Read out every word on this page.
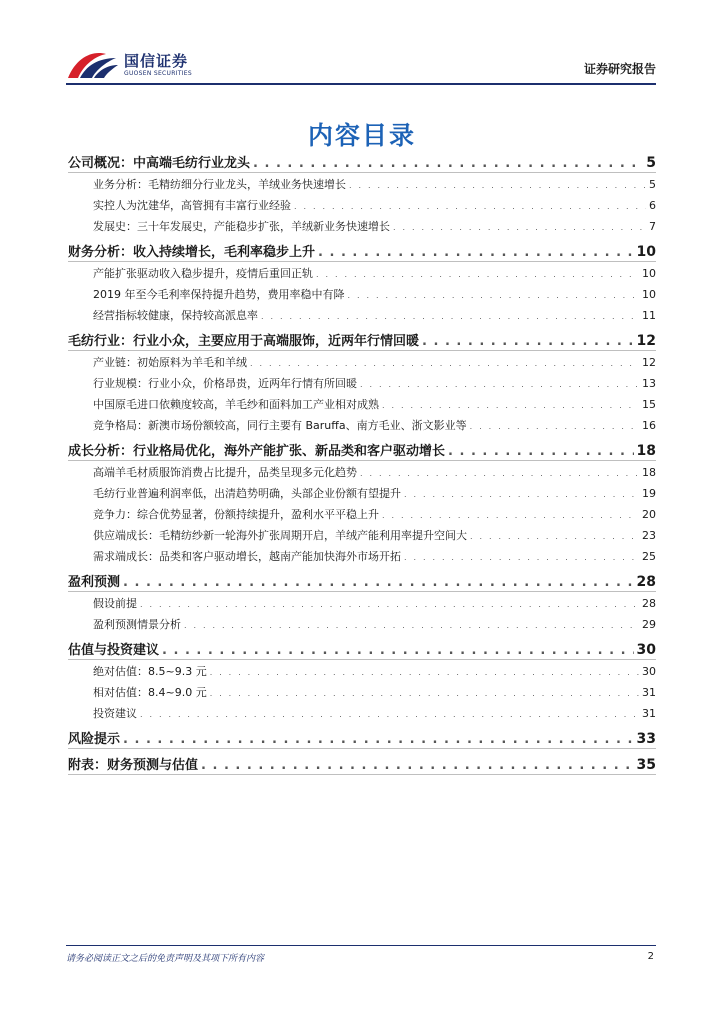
国信证券
GUOSEN SECURITIES	证券研究报告
内容目录
公司概况：中高端毛纺行业龙头 . . .	5
业务分析：毛精纺细分行业龙头，羊绒业务快速增长 . . .	5
实控人为沈建华，高管拥有丰富行业经验 . . .	6
发展史：三十年发展史，产能稳步扩张，羊绒新业务快速增长 . . .	7
财务分析：收入持续增长，毛利率稳步上升 . . .	10
产能扩张驱动收入稳步提升，疫情后重回正轨 . . .	10
2019 年至今毛利率保持提升趋势，费用率稳中有降 . . .	10
经营指标较健康，保持较高派息率 . . .	11
毛纺行业：行业小众，主要应用于高端服饰，近两年行情回暖 . . .	12
产业链：初始原料为羊毛和羊绒 . . .	12
行业规模：行业小众，价格昂贵，近两年行情有所回暖 . . .	13
中国原毛进口依赖度较高，羊毛纱和面料加工产业相对成熟 . . .	15
竞争格局：新澳市场份额较高，同行主要有 Baruffa、南方毛业、浙文影业等 . . .	16
成长分析：行业格局优化，海外产能扩张、新品类和客户驱动增长 . . .	18
高端羊毛材质服饰消费占比提升，品类呈现多元化趋势 . . .	18
毛纺行业普遍利润率低，出清趋势明确，头部企业份额有望提升 . . .	19
竞争力：综合优势显著，份额持续提升，盈利水平平稳上升 . . .	20
供应端成长：毛精纺纱新一轮海外扩张周期开启，羊绒产能利用率提升空间大 . . .	23
需求端成长：品类和客户驱动增长，越南产能加快海外市场开拓 . . .	25
盈利预测 . . .	28
假设前提 . . .	28
盈利预测情景分析 . . .	29
估值与投资建议 . . .	30
绝对估值：8.5~9.3 元 . . .	30
相对估值：8.4~9.0 元 . . .	31
投资建议 . . .	31
风险提示 . . .	33
附表：财务预测与估值 . . .	35
请务必阅读正文之后的免责声明及其项下所有内容	2
